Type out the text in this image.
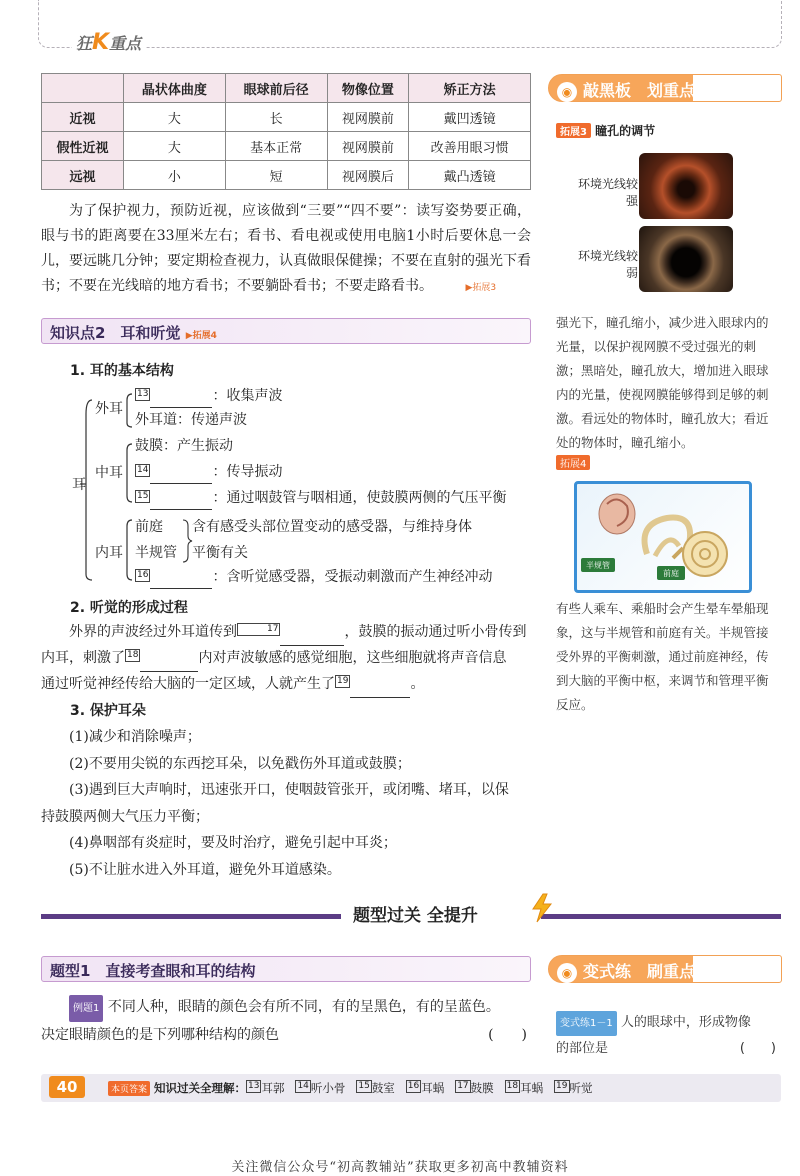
狂K重点
	晶状体曲度	眼球前后径	物像位置	矫正方法
近视	大	长	视网膜前	戴凹透镜
假性近视	大	基本正常	视网膜前	改善用眼习惯
远视	小	短	视网膜后	戴凸透镜
为了保护视力，预防近视，应该做到“三要”“四不要”：读写姿势要正确，眼与书的距离要在33厘米左右；看书、看电视或使用电脑1小时后要休息一会儿，要远眺几分钟；要定期检查视力，认真做眼保健操；不要在直射的强光下看书；不要在光线暗的地方看书；不要躺卧看书；不要走路看书。	▶拓展3
知识点2　耳和听觉 ▶拓展4
1. 耳的基本结构
耳
外耳
中耳
内耳
13	：收集声波
外耳道：传递声波
鼓膜：产生振动
14	：传导振动
15	：通过咽鼓管与咽相通，使鼓膜两侧的气压平衡
前庭
半规管
含有感受头部位置变动的感受器，与维持身体
平衡有关
16	：含听觉感受器，受振动刺激而产生神经冲动
2. 听觉的形成过程
外界的声波经过外耳道传到	17	，鼓膜的振动通过听小骨传到
内耳，刺激了 18	内对声波敏感的感觉细胞，这些细胞就将声音信息
通过听觉神经传给大脑的一定区域，人就产生了 19	。
3. 保护耳朵
(1)减少和消除噪声；
(2)不要用尖锐的东西挖耳朵，以免戳伤外耳道或鼓膜；
(3)遇到巨大声响时，迅速张开口，使咽鼓管张开，或闭嘴、堵耳，以保
持鼓膜两侧大气压力平衡；
(4)鼻咽部有炎症时，要及时治疗，避免引起中耳炎；
(5)不让脏水进入外耳道，避免外耳道感染。
题型过关 全提升
题型1　直接考查眼和耳的结构
例题1 不同人种，眼睛的颜色会有所不同，有的呈黑色，有的呈蓝色。
决定眼睛颜色的是下列哪种结构的颜色	(　　)
◉ 敲黑板　划重点
拓展3 瞳孔的调节
环境光线较强
环境光线较弱
强光下，瞳孔缩小，减少进入眼球内的光量，以保护视网膜不受过强光的刺激；黑暗处，瞳孔放大，增加进入眼球内的光量，使视网膜能够得到足够的刺激。看远处的物体时，瞳孔放大；看近处的物体时，瞳孔缩小。
拓展4
半规管
前庭
有些人乘车、乘船时会产生晕车晕船现象，这与半规管和前庭有关。半规管接受外界的平衡刺激，通过前庭神经，传到大脑的平衡中枢，来调节和管理平衡反应。
◉ 变式练　刷重点
变式练1－1 人的眼球中，形成物像
的部位是	(　　)
40	本页答案 知识过关全理解： 13 耳郭 14 听小骨 15 鼓室 16 耳蜗 17 鼓膜 18 耳蜗 19 听觉
关注微信公众号“初高教辅站”获取更多初高中教辅资料
